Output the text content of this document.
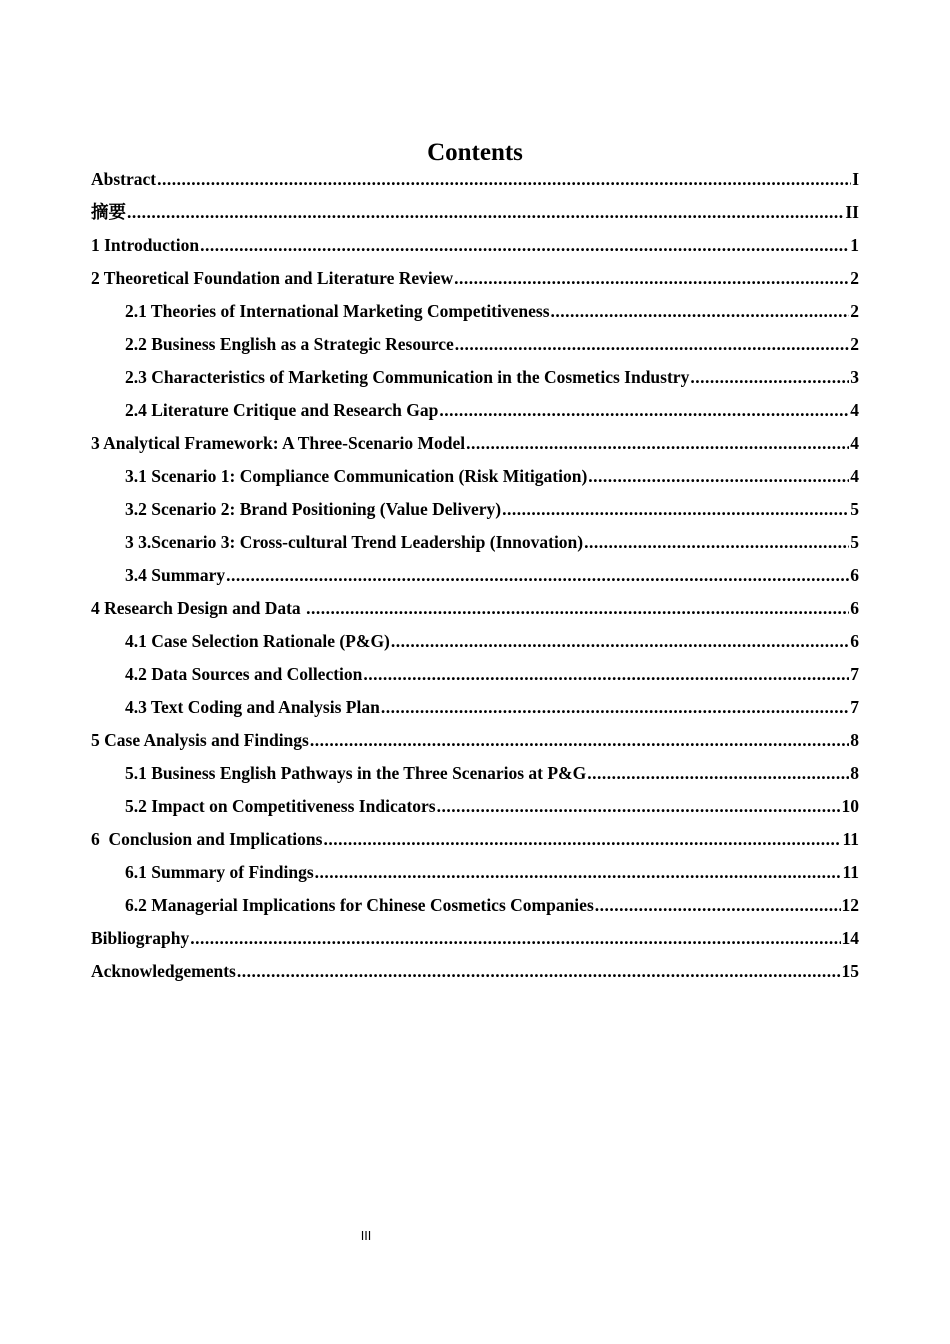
Contents
Abstract .....	I
摘要 .....	II
1 Introduction .....	1
2 Theoretical Foundation and Literature Review .....	2
2.1 Theories of International Marketing Competitiveness .....	2
2.2 Business English as a Strategic Resource .....	2
2.3 Characteristics of Marketing Communication in the Cosmetics Industry .....	3
2.4 Literature Critique and Research Gap .....	4
3 Analytical Framework: A Three-Scenario Model .....	4
3.1 Scenario 1: Compliance Communication (Risk Mitigation) .....	4
3.2 Scenario 2: Brand Positioning (Value Delivery) .....	5
3 3.Scenario 3: Cross-cultural Trend Leadership (Innovation) .....	5
3.4 Summary .....	6
4 Research Design and Data .....	6
4.1 Case Selection Rationale (P&G) .....	6
4.2 Data Sources and Collection .....	7
4.3 Text Coding and Analysis Plan .....	7
5 Case Analysis and Findings .....	8
5.1 Business English Pathways in the Three Scenarios at P&G .....	8
5.2 Impact on Competitiveness Indicators .....	10
6  Conclusion and Implications .....	11
6.1 Summary of Findings .....	11
6.2 Managerial Implications for Chinese Cosmetics Companies .....	12
Bibliography .....	14
Acknowledgements .....	15
III
